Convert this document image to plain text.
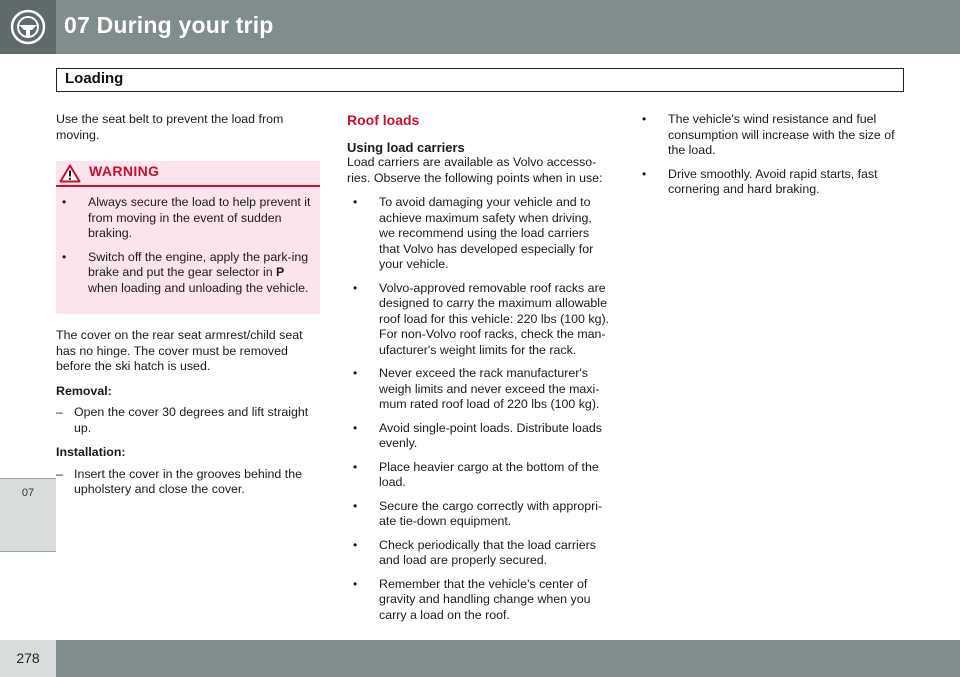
07 During your trip
Loading
07

Use the seat belt to prevent the load from moving.

WARNING
• Always secure the load to help prevent it from moving in the event of sudden braking.
• Switch off the engine, apply the park-ing brake and put the gear selector in P when loading and unloading the vehicle.

The cover on the rear seat armrest/child seat has no hinge. The cover must be removed before the ski hatch is used.

Removal:
– Open the cover 30 degrees and lift straight up.
Installation:
– Insert the cover in the grooves behind the upholstery and close the cover.
Roof loads
Using load carriers

Load carriers are available as Volvo accesso-ries. Observe the following points when in use:

• To avoid damaging your vehicle and to achieve maximum safety when driving, we recommend using the load carriers that Volvo has developed especially for your vehicle.
• Volvo-approved removable roof racks are designed to carry the maximum allowable roof load for this vehicle: 220 lbs (100 kg). For non-Volvo roof racks, check the man-ufacturer's weight limits for the rack.
• Never exceed the rack manufacturer's weigh limits and never exceed the maxi-mum rated roof load of 220 lbs (100 kg).
• Avoid single-point loads. Distribute loads evenly.
• Place heavier cargo at the bottom of the load.
• Secure the cargo correctly with appropri-ate tie-down equipment.
• Check periodically that the load carriers and load are properly secured.
• Remember that the vehicle's center of gravity and handling change when you carry a load on the roof.
• The vehicle's wind resistance and fuel consumption will increase with the size of the load.
• Drive smoothly. Avoid rapid starts, fast cornering and hard braking.
278
